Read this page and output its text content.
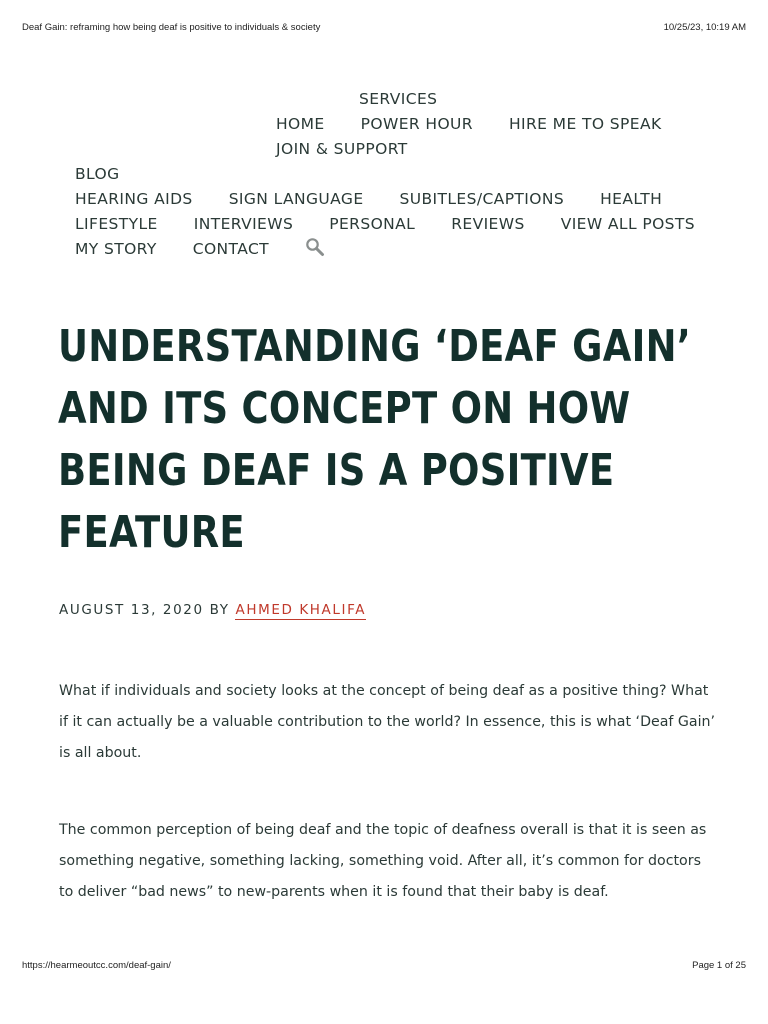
Deaf Gain: reframing how being deaf is positive to individuals & society	10/25/23, 10:19 AM
SERVICES
HOME POWER HOUR HIRE ME TO SPEAK
JOIN & SUPPORT
BLOG
HEARING AIDS SIGN LANGUAGE SUBITLES/CAPTIONS HEALTH
LIFESTYLE INTERVIEWS PERSONAL REVIEWS VIEW ALL POSTS
MY STORY CONTACT
UNDERSTANDING ‘DEAF GAIN’ AND ITS CONCEPT ON HOW BEING DEAF IS A POSITIVE FEATURE
AUGUST 13, 2020 BY AHMED KHALIFA

What if individuals and society looks at the concept of being deaf as a positive thing? What if it can actually be a valuable contribution to the world? In essence, this is what ‘Deaf Gain’ is all about.

The common perception of being deaf and the topic of deafness overall is that it is seen as something negative, something lacking, something void. After all, it’s common for doctors to deliver “bad news” to new-parents when it is found that their baby is deaf.

https://hearmeoutcc.com/deaf-gain/	Page 1 of 25
